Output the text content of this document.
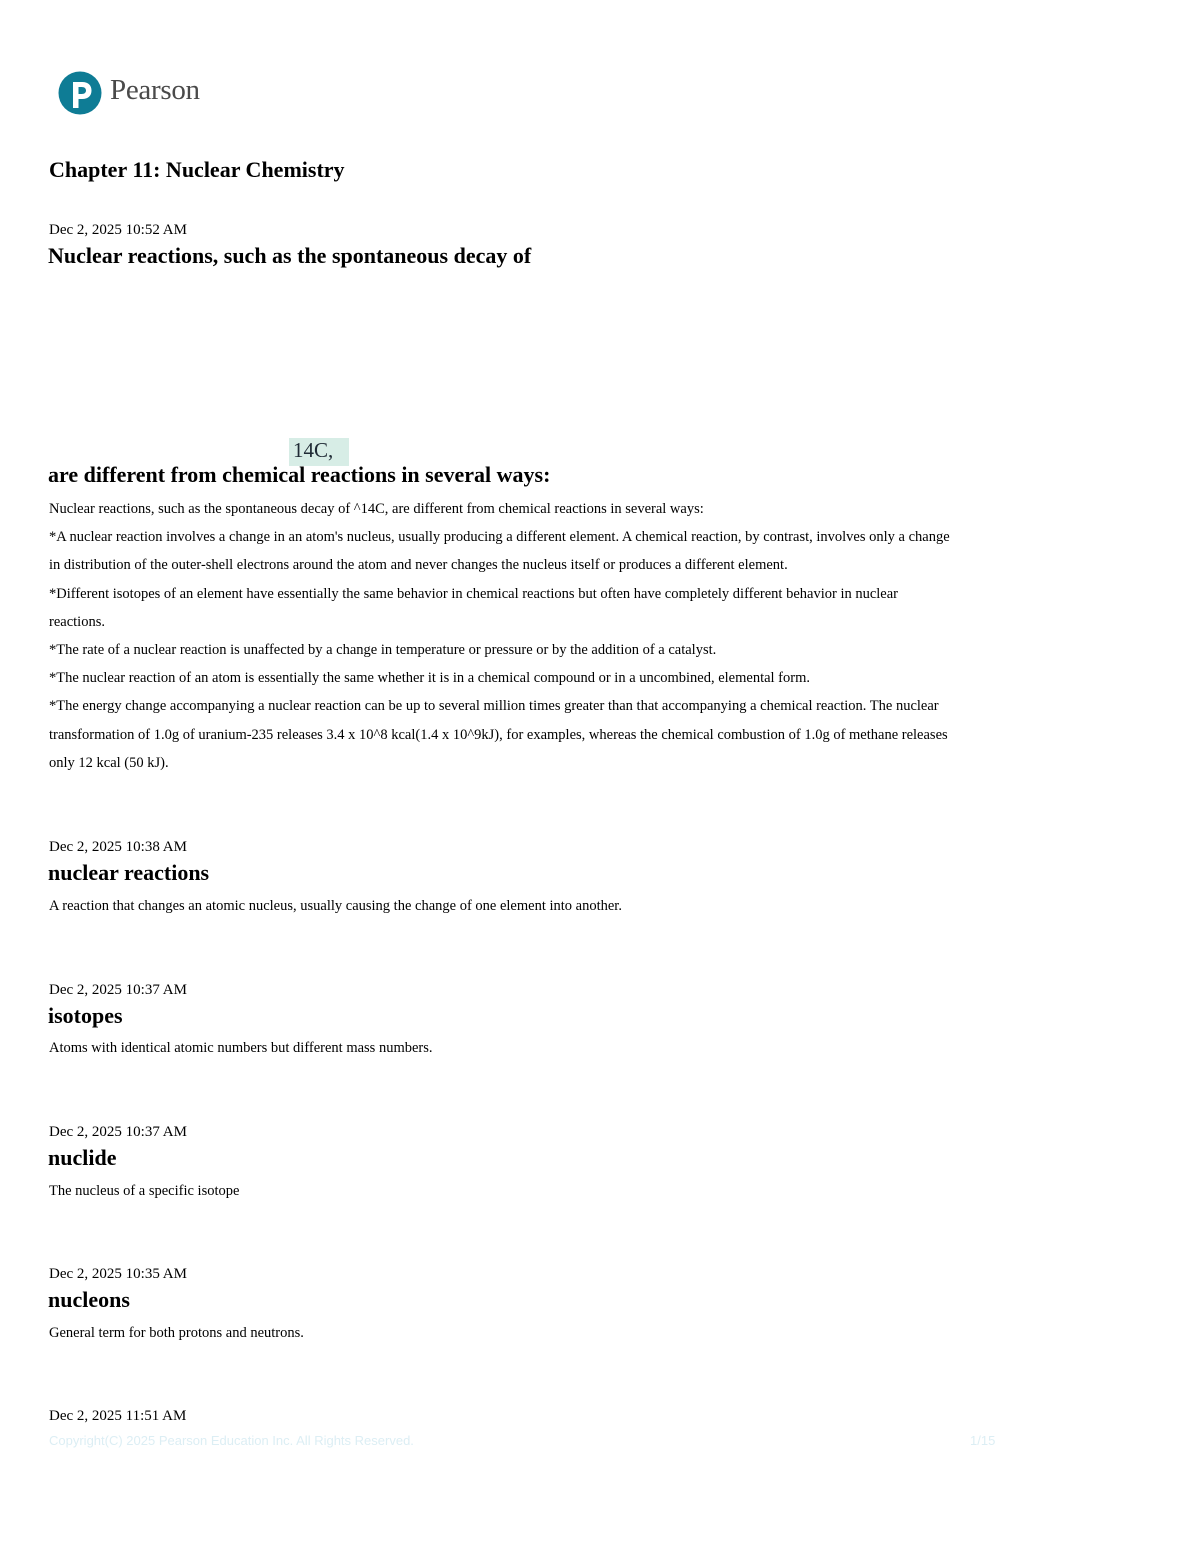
Pearson
Chapter 11: Nuclear Chemistry
Dec 2, 2025 10:52 AM
Nuclear reactions, such as the spontaneous decay of
14C,
are different from chemical reactions in several ways:
Nuclear reactions, such as the spontaneous decay of ^14C, are different from chemical reactions in several ways:
*A nuclear reaction involves a change in an atom's nucleus, usually producing a different element. A chemical reaction, by contrast, involves only a change
in distribution of the outer-shell electrons around the atom and never changes the nucleus itself or produces a different element.
*Different isotopes of an element have essentially the same behavior in chemical reactions but often have completely different behavior in nuclear
reactions.
*The rate of a nuclear reaction is unaffected by a change in temperature or pressure or by the addition of a catalyst.
*The nuclear reaction of an atom is essentially the same whether it is in a chemical compound or in a uncombined, elemental form.
*The energy change accompanying a nuclear reaction can be up to several million times greater than that accompanying a chemical reaction. The nuclear
transformation of 1.0g of uranium-235 releases 3.4 x 10^8 kcal(1.4 x 10^9kJ), for examples, whereas the chemical combustion of 1.0g of methane releases
only 12 kcal (50 kJ).
Dec 2, 2025 10:38 AM
nuclear reactions
A reaction that changes an atomic nucleus, usually causing the change of one element into another.
Dec 2, 2025 10:37 AM
isotopes
Atoms with identical atomic numbers but different mass numbers.
Dec 2, 2025 10:37 AM
nuclide
The nucleus of a specific isotope
Dec 2, 2025 10:35 AM
nucleons
General term for both protons and neutrons.
Dec 2, 2025 11:51 AM
Copyright(C) 2025 Pearson Education Inc. All Rights Reserved.	1/15
